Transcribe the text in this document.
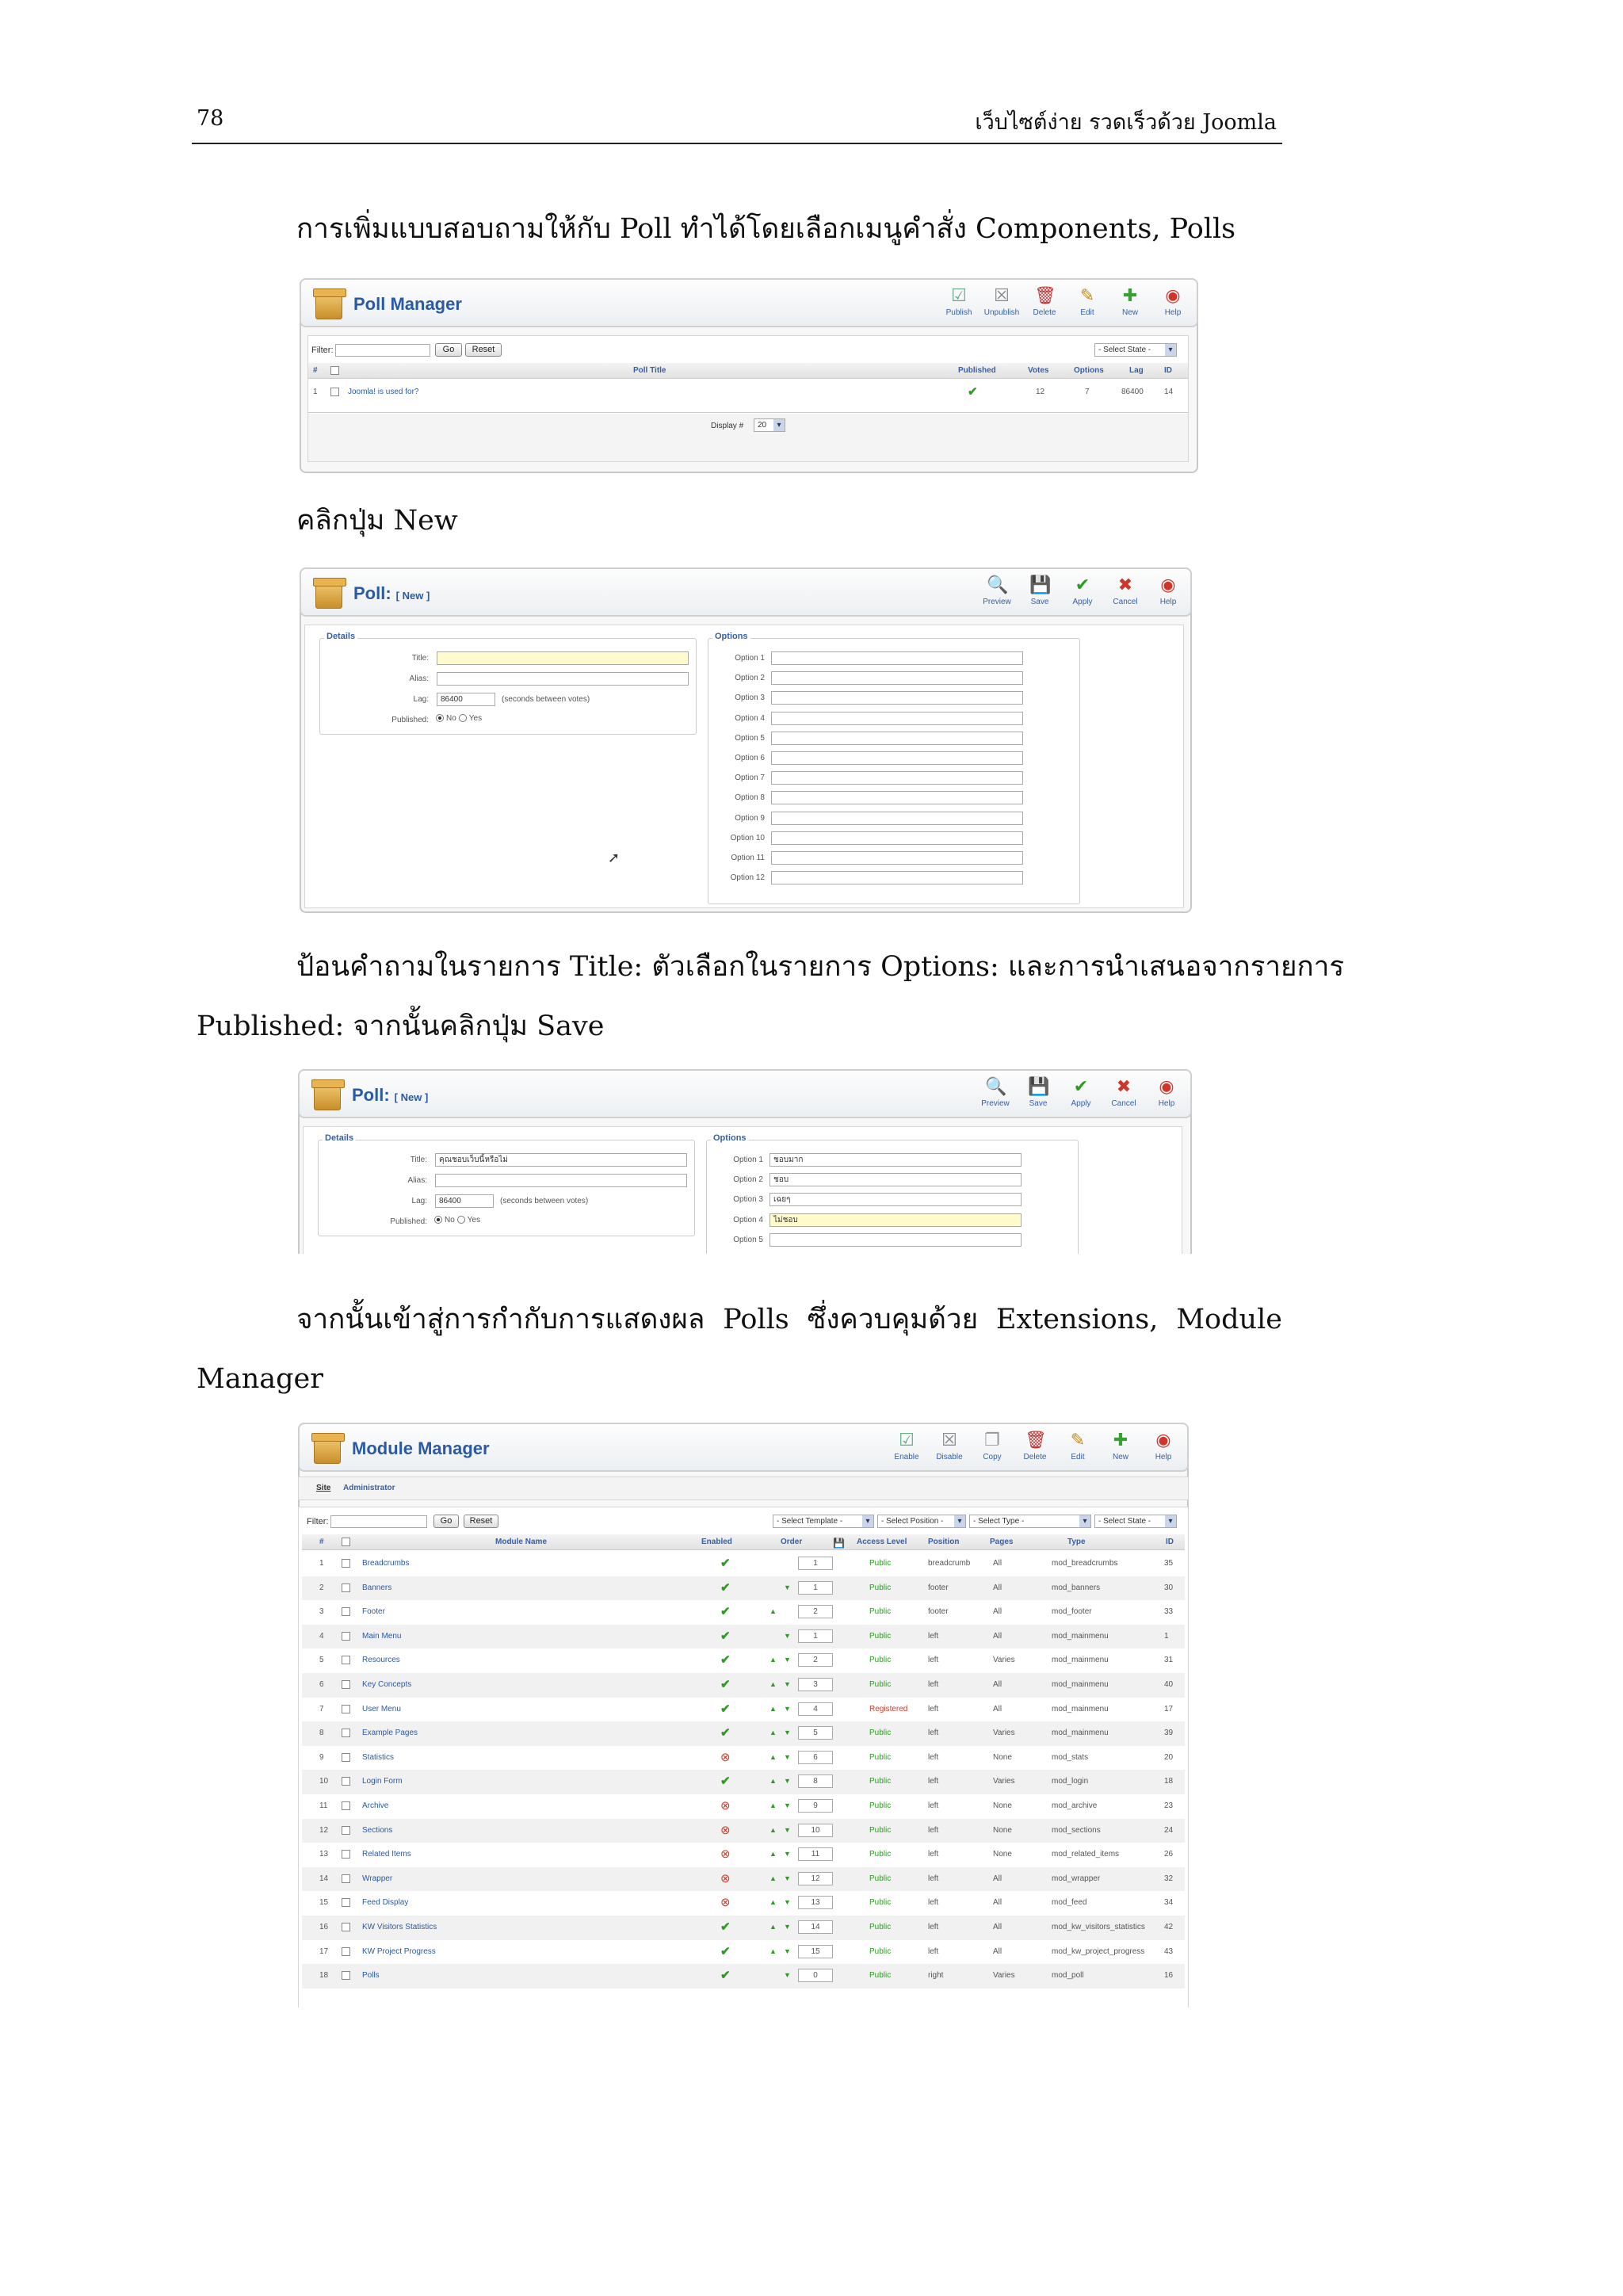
78	เว็บไซต์ง่าย รวดเร็วด้วย Joomla
การเพิ่มแบบสอบถามให้กับ Poll ทำได้โดยเลือกเมนูคำสั่ง Components, Polls
Poll Manager	☑
Publish
☒
Unpublish
🗑
Delete
✎
Edit
✚
New
◉
Help
Filter:	Go	Reset	- Select State - ▾
#	Poll Title	Published	Votes	Options	Lag	ID
1	Joomla! is used for?	✔	12	7	86400	14
Display #	20 ▾
คลิกปุ่ม New
Poll: [ New ]
🔍
Preview
💾
Save
✔
Apply
✖
Cancel
◉
Help
Details
Title:
Alias:
Lag:	86400	(seconds between votes)
Published:	No Yes
Options
Option 1
Option 2
Option 3
Option 4
Option 5
Option 6
Option 7
Option 8
Option 9
Option 10
Option 11
Option 12
➚
ป้อนคำถามในรายการ Title: ตัวเลือกในรายการ Options: และการนำเสนอจากรายการ
Published: จากนั้นคลิกปุ่ม Save
Poll: [ New ]
🔍
Preview
💾
Save
✔
Apply
✖
Cancel
◉
Help
Details
Title:	คุณชอบเว็บนี้หรือไม่
Alias:
Lag:	86400	(seconds between votes)
Published:	No Yes
Options
Option 1	ชอบมาก
Option 2	ชอบ
Option 3	เฉยๆ
Option 4	ไม่ชอบ
Option 5
จากนั้นเข้าสู่การกำกับการแสดงผล Polls ซึ่งควบคุมด้วย Extensions, Module
Manager
Module Manager	☑
Enable
☒
Disable
❐
Copy
🗑
Delete
✎
Edit
✚
New
◉
Help
Site Administrator
Filter:	Go	Reset	- Select Template - ▾	- Select Position - ▾	- Select Type - ▾	- Select State - ▾
#	Module Name	Enabled	Order	💾 Access Level	Position	Pages	Type	ID
1	Breadcrumbs	✔	1	Public	breadcrumb	All	mod_breadcrumbs	35
2	Banners	✔	▼	1	Public	footer	All	mod_banners	30
3	Footer	✔	▲	2	Public	footer	All	mod_footer	33
4	Main Menu	✔	▼	1	Public	left	All	mod_mainmenu	1
5	Resources	✔	▲ ▼	2	Public	left	Varies	mod_mainmenu	31
6	Key Concepts	✔	▲ ▼	3	Public	left	All	mod_mainmenu	40
7	User Menu	✔	▲ ▼	4	Registered	left	All	mod_mainmenu	17
8	Example Pages	✔	▲ ▼	5	Public	left	Varies	mod_mainmenu	39
9	Statistics	⊗	▲ ▼	6	Public	left	None	mod_stats	20
10	Login Form	✔	▲ ▼	8	Public	left	Varies	mod_login	18
11	Archive	⊗	▲ ▼	9	Public	left	None	mod_archive	23
12	Sections	⊗	▲ ▼	10	Public	left	None	mod_sections	24
13	Related Items	⊗	▲ ▼	11	Public	left	None	mod_related_items	26
14	Wrapper	⊗	▲ ▼	12	Public	left	All	mod_wrapper	32
15	Feed Display	⊗	▲ ▼	13	Public	left	All	mod_feed	34
16	KW Visitors Statistics	✔	▲ ▼	14	Public	left	All	mod_kw_visitors_statistics 42
17	KW Project Progress	✔	▲ ▼	15	Public	left	All	mod_kw_project_progress 43
18	Polls	✔	▼	0	Public	right	Varies	mod_poll	16
